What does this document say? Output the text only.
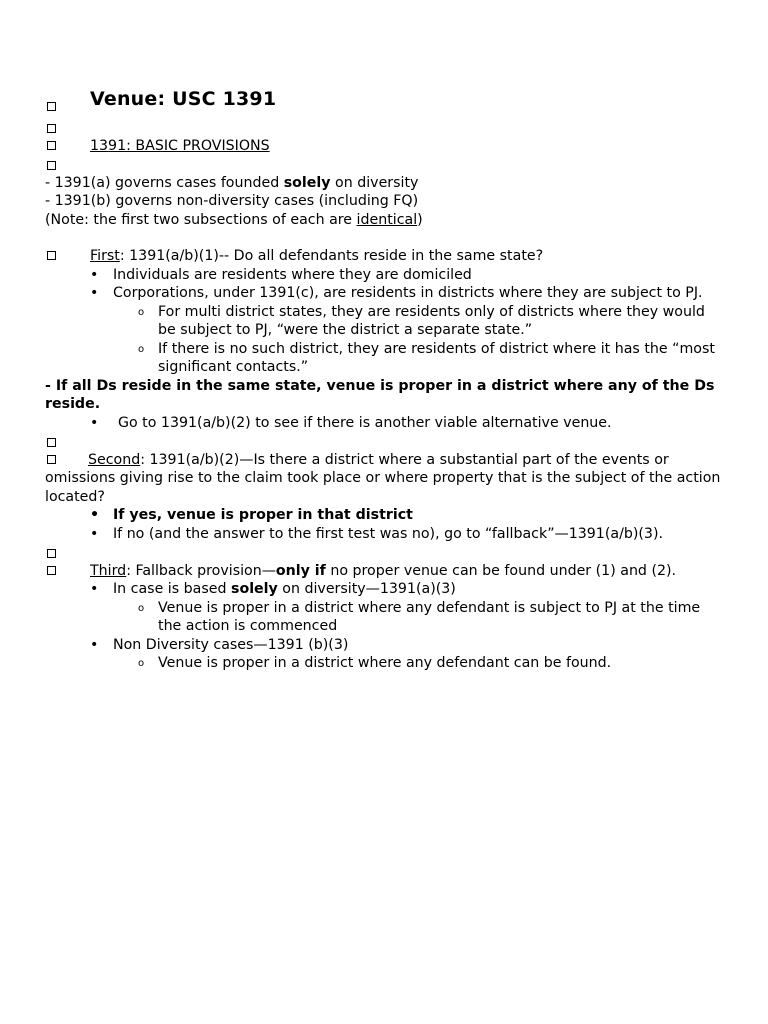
Venue: USC 1391
1391: BASIC PROVISIONS
- 1391(a) governs cases founded solely on diversity
- 1391(b) governs non-diversity cases (including FQ)
(Note: the first two subsections of each are identical)
First: 1391(a/b)(1)-- Do all defendants reside in the same state?
• Individuals are residents where they are domiciled
• Corporations, under 1391(c), are residents in districts where they are subject to PJ.
o For multi district states, they are residents only of districts where they would be subject to PJ, “were the district a separate state.”
o If there is no such district, they are residents of district where it has the “most significant contacts.”
- If all Ds reside in the same state, venue is proper in a district where any of the Ds reside.
• Go to 1391(a/b)(2) to see if there is another viable alternative venue.
Second: 1391(a/b)(2)—Is there a district where a substantial part of the events or omissions giving rise to the claim took place or where property that is the subject of the action located?
• If yes, venue is proper in that district
• If no (and the answer to the first test was no), go to “fallback”—1391(a/b)(3).
Third: Fallback provision—only if no proper venue can be found under (1) and (2).
• In case is based solely on diversity—1391(a)(3)
o Venue is proper in a district where any defendant is subject to PJ at the time the action is commenced
• Non Diversity cases—1391 (b)(3)
o Venue is proper in a district where any defendant can be found.
